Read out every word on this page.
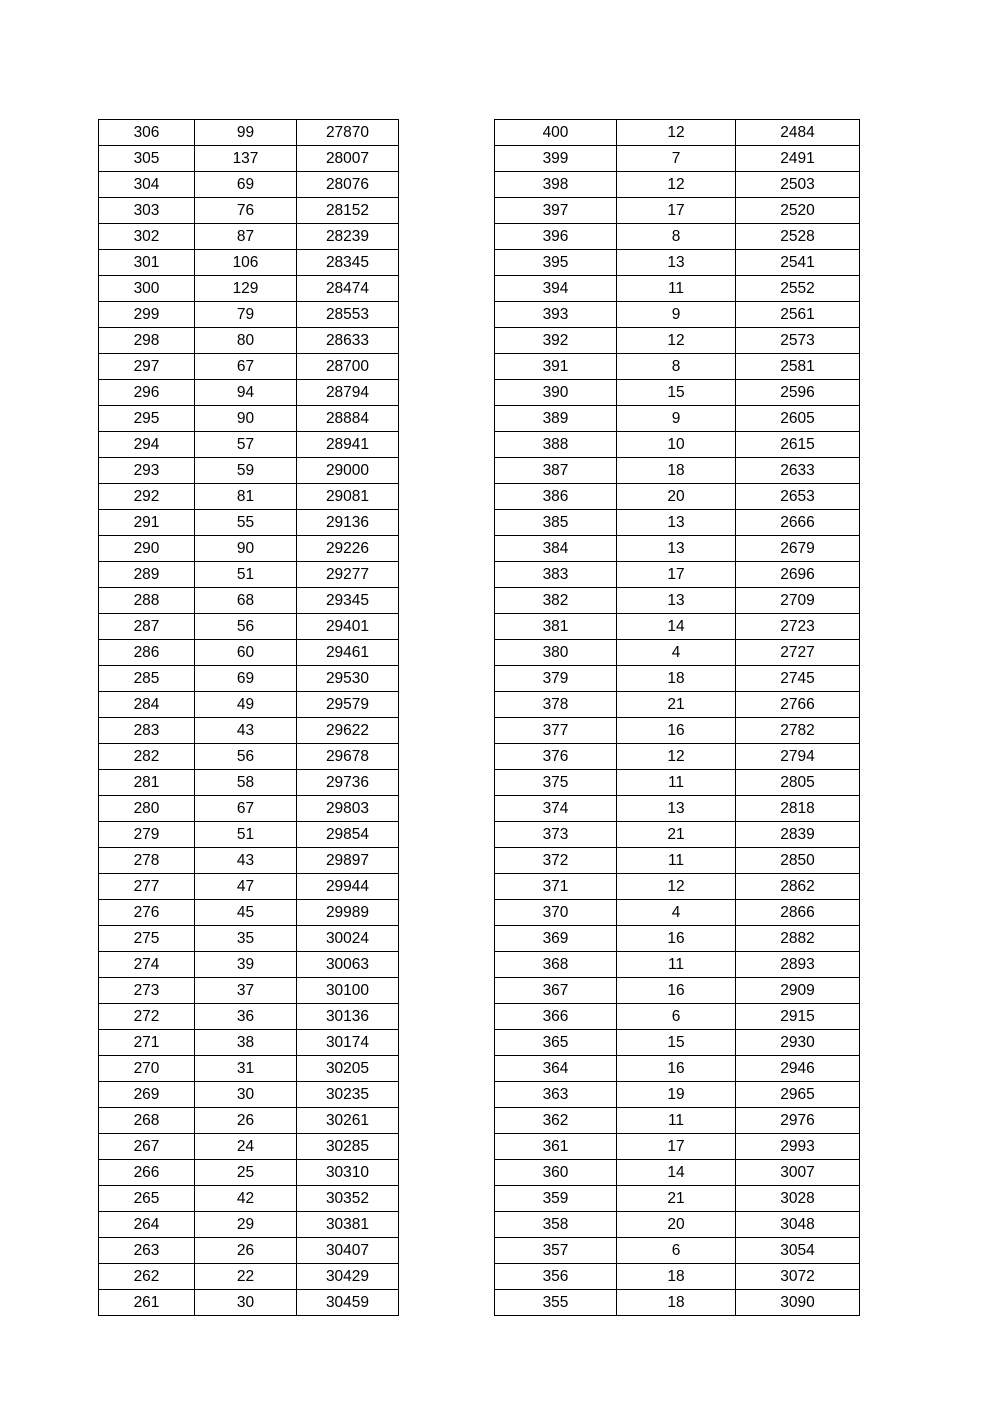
306	99	27870
305	137	28007
304	69	28076
303	76	28152
302	87	28239
301	106	28345
300	129	28474
299	79	28553
298	80	28633
297	67	28700
296	94	28794
295	90	28884
294	57	28941
293	59	29000
292	81	29081
291	55	29136
290	90	29226
289	51	29277
288	68	29345
287	56	29401
286	60	29461
285	69	29530
284	49	29579
283	43	29622
282	56	29678
281	58	29736
280	67	29803
279	51	29854
278	43	29897
277	47	29944
276	45	29989
275	35	30024
274	39	30063
273	37	30100
272	36	30136
271	38	30174
270	31	30205
269	30	30235
268	26	30261
267	24	30285
266	25	30310
265	42	30352
264	29	30381
263	26	30407
262	22	30429
261	30	30459
400	12	2484
399	7	2491
398	12	2503
397	17	2520
396	8	2528
395	13	2541
394	11	2552
393	9	2561
392	12	2573
391	8	2581
390	15	2596
389	9	2605
388	10	2615
387	18	2633
386	20	2653
385	13	2666
384	13	2679
383	17	2696
382	13	2709
381	14	2723
380	4	2727
379	18	2745
378	21	2766
377	16	2782
376	12	2794
375	11	2805
374	13	2818
373	21	2839
372	11	2850
371	12	2862
370	4	2866
369	16	2882
368	11	2893
367	16	2909
366	6	2915
365	15	2930
364	16	2946
363	19	2965
362	11	2976
361	17	2993
360	14	3007
359	21	3028
358	20	3048
357	6	3054
356	18	3072
355	18	3090
